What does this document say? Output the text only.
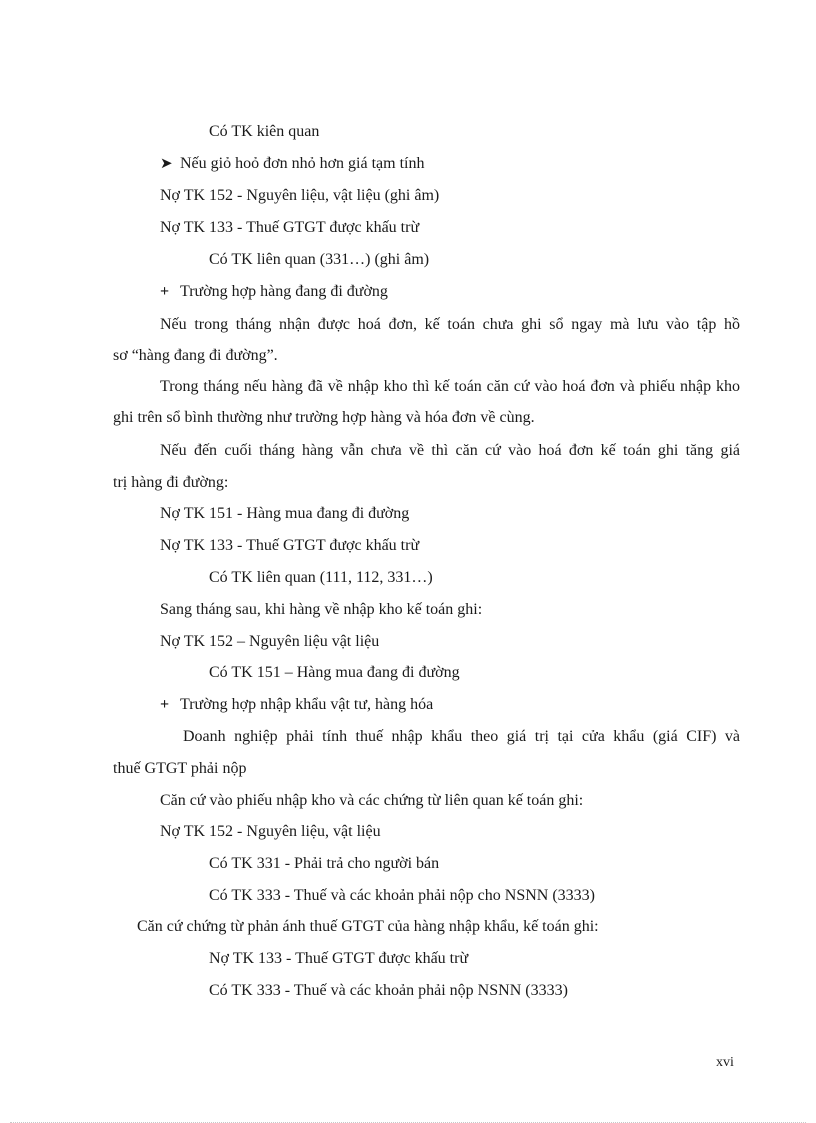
Có TK kiên quan
➤ Nếu giỏ hoỏ đơn nhỏ hơn giá tạm tính
Nợ TK 152 - Nguyên liệu, vật liệu (ghi âm)
Nợ TK 133 - Thuế GTGT được khấu trừ
Có TK liên quan (331…) (ghi âm)
+ Trường hợp hàng đang đi đường
Nếu trong tháng nhận được hoá đơn, kế toán chưa ghi sổ ngay mà lưu vào tập hồ
sơ “hàng đang đi đường”.
Trong tháng nếu hàng đã về nhập kho thì kế toán căn cứ vào hoá đơn và phiếu nhập kho
ghi trên sổ bình thường như trường hợp hàng và hóa đơn về cùng.
Nếu đến cuối tháng hàng vẫn chưa về thì căn cứ vào hoá đơn kế toán ghi tăng giá
trị hàng đi đường:
Nợ TK 151 - Hàng mua đang đi đường
Nợ TK 133 - Thuế GTGT được khấu trừ
Có TK liên quan (111, 112, 331…)
Sang tháng sau, khi hàng về nhập kho kế toán ghi:
Nợ TK 152 – Nguyên liệu vật liệu
Có TK 151 – Hàng mua đang đi đường
+ Trường hợp nhập khẩu vật tư, hàng hóa
Doanh nghiệp phải tính thuế nhập khẩu theo giá trị tại cửa khẩu (giá CIF) và
thuế GTGT phải nộp
Căn cứ vào phiếu nhập kho và các chứng từ liên quan kế toán ghi:
Nợ TK 152 - Nguyên liệu, vật liệu
Có TK 331 - Phải trả cho người bán
Có TK 333 - Thuế và các khoản phải nộp cho NSNN (3333)
Căn cứ chứng từ phản ánh thuế GTGT của hàng nhập khẩu, kế toán ghi:
Nợ TK 133 - Thuế GTGT được khấu trừ
Có TK 333 - Thuế và các khoản phải nộp NSNN (3333)
xvi
